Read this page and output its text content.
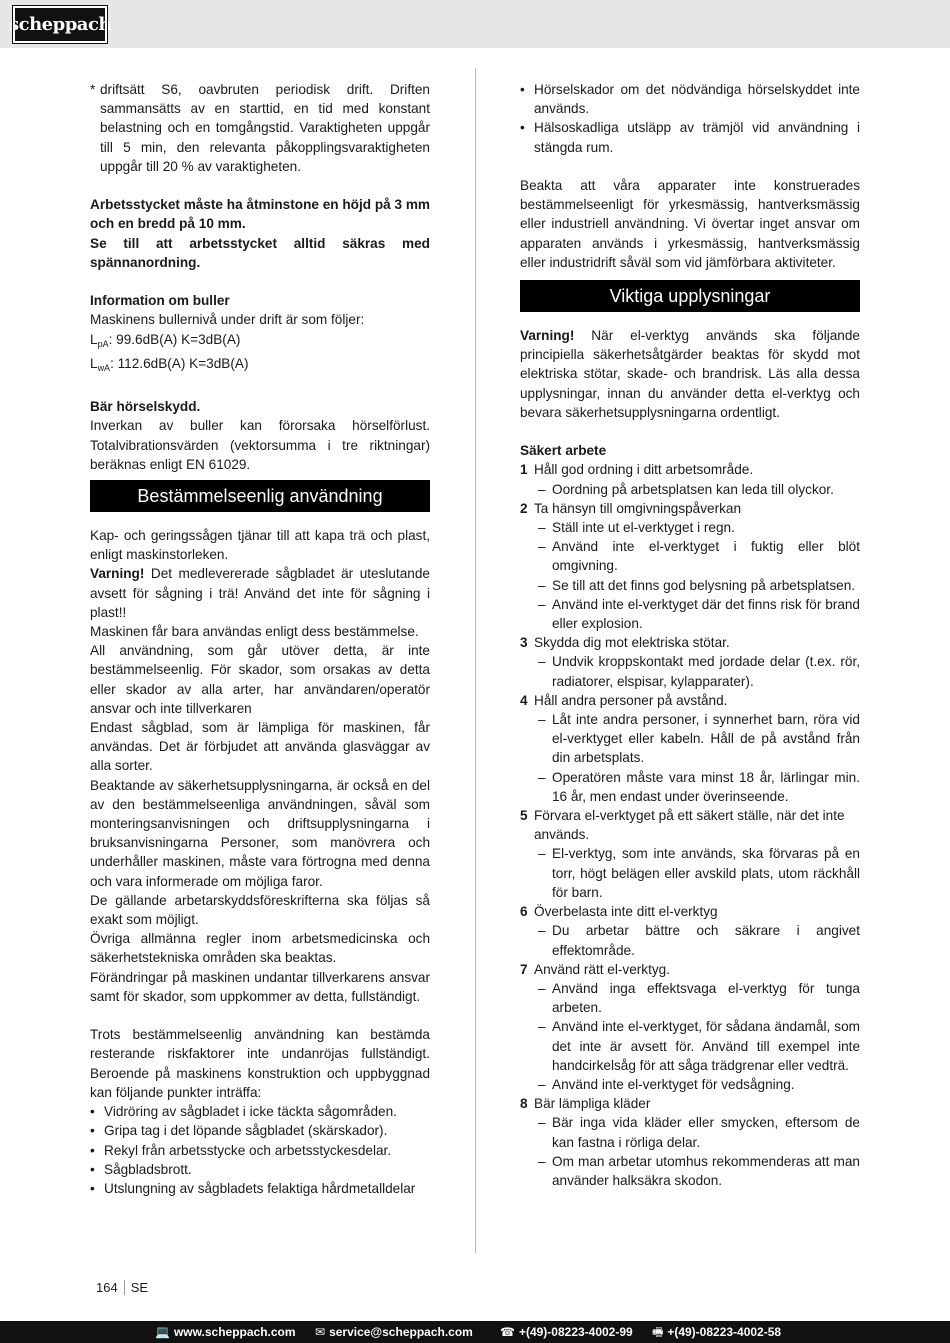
scheppach

* driftsätt S6, oavbruten periodisk drift. Driften sammansätts av en starttid, en tid med konstant belastning och en tomgångstid. Varaktigheten uppgår till 5 min, den relevanta påkopplingsvaraktigheten uppgår till 20 % av varaktigheten.

Arbetsstycket måste ha åtminstone en höjd på 3 mm och en bredd på 10 mm.

Se till att arbetsstycket alltid säkras med spännanordning.

Information om buller

Maskinens bullernivå under drift är som följer:

$L_{pA}$: 99.6dB(A) K=3dB(A)

$L_{wA}$: 112.6dB(A) K=3dB(A)

Bär hörselskydd.

Inverkan av buller kan förorsaka hörselförlust. Totalvibrationsvärden (vektorsumma i tre riktningar) beräknas enligt EN 61029.

Bestämmelseenlig användning

Kap- och geringssågen tjänar till att kapa trä och plast, enligt maskinstorleken.

Varning! Det medlevererade sågbladet är uteslutande avsett för sågning i trä! Använd det inte för sågning i plast!!

Maskinen får bara användas enligt dess bestämmelse.

All användning, som går utöver detta, är inte bestämmelseenlig. För skador, som orsakas av detta eller skador av alla arter, har användaren/operatör ansvar och inte tillverkaren

Endast sågblad, som är lämpliga för maskinen, får användas. Det är förbjudet att använda glasväggar av alla sorter.

Beaktande av säkerhetsupplysningarna, är också en del av den bestämmelseenliga användningen, såväl som monteringsanvisningen och driftsupplysningarna i bruksanvisningarna Personer, som manövrera och underhåller maskinen, måste vara förtrogna med denna och vara informerade om möjliga faror.

De gällande arbetarskyddsföreskrifterna ska följas så exakt som möjligt.

Övriga allmänna regler inom arbetsmedicinska och säkerhetstekniska områden ska beaktas.

Förändringar på maskinen undantar tillverkarens ansvar samt för skador, som uppkommer av detta, fullständigt.

Trots bestämmelseenlig användning kan bestämda resterande riskfaktorer inte undanröjas fullständigt. Beroende på maskinens konstruktion och uppbyggnad kan följande punkter inträffa:

• Vidröring av sågbladet i icke täckta sågområden.

• Gripa tag i det löpande sågbladet (skärskador).

• Rekyl från arbetsstycke och arbetsstyckesdelar.

• Sågbladsbrott.

• Utslungning av sågbladets felaktiga hårdmetalldelar

• Hörselskador om det nödvändiga hörselskyddet inte används.

• Hälsoskadliga utsläpp av trämjöl vid användning i stängda rum.

Beakta att våra apparater inte konstruerades bestämmelseenligt för yrkesmässig, hantverksmässig eller industriell användning. Vi övertar inget ansvar om apparaten används i yrkesmässig, hantverksmässig eller industridrift såväl som vid jämförbara aktiviteter.

Viktiga upplysningar

Varning! När el-verktyg används ska följande principiella säkerhetsåtgärder beaktas för skydd mot elektriska stötar, skade- och brandrisk. Läs alla dessa upplysningar, innan du använder detta el-verktyg och bevara säkerhetsupplysningarna ordentligt.

Säkert arbete

1 Håll god ordning i ditt arbetsområde.

– Oordning på arbetsplatsen kan leda till olyckor.

2 Ta hänsyn till omgivningspåverkan

– Ställ inte ut el-verktyget i regn.

– Använd inte el-verktyget i fuktig eller blöt omgivning.

– Se till att det finns god belysning på arbetsplatsen.

– Använd inte el-verktyget där det finns risk för brand eller explosion.

3 Skydda dig mot elektriska stötar.

– Undvik kroppskontakt med jordade delar (t.ex. rör, radiatorer, elspisar, kylapparater).

4 Håll andra personer på avstånd.

– Låt inte andra personer, i synnerhet barn, röra vid el-verktyget eller kabeln. Håll de på avstånd från din arbetsplats.

– Operatören måste vara minst 18 år, lärlingar min. 16 år, men endast under överinseende.

5 Förvara el-verktyget på ett säkert ställe, när det inte används.

– El-verktyg, som inte används, ska förvaras på en torr, högt belägen eller avskild plats, utom räckhåll för barn.

6 Överbelasta inte ditt el-verktyg

– Du arbetar bättre och säkrare i angivet effektområde.

7 Använd rätt el-verktyg.

– Använd inga effektsvaga el-verktyg för tunga arbeten.

– Använd inte el-verktyget, för sådana ändamål, som det inte är avsett för. Använd till exempel inte handcirkelsåg för att såga trädgrenar eller vedträ.

– Använd inte el-verktyget för vedsågning.

8 Bär lämpliga kläder

– Bär inga vida kläder eller smycken, eftersom de kan fastna i rörliga delar.

– Om man arbetar utomhus rekommenderas att man använder halksäkra skodon.

164 SE
💻 www.scheppach.com ✉ service@scheppach.com ☎ +(49)-08223-4002-99 🖷 +(49)-08223-4002-58
